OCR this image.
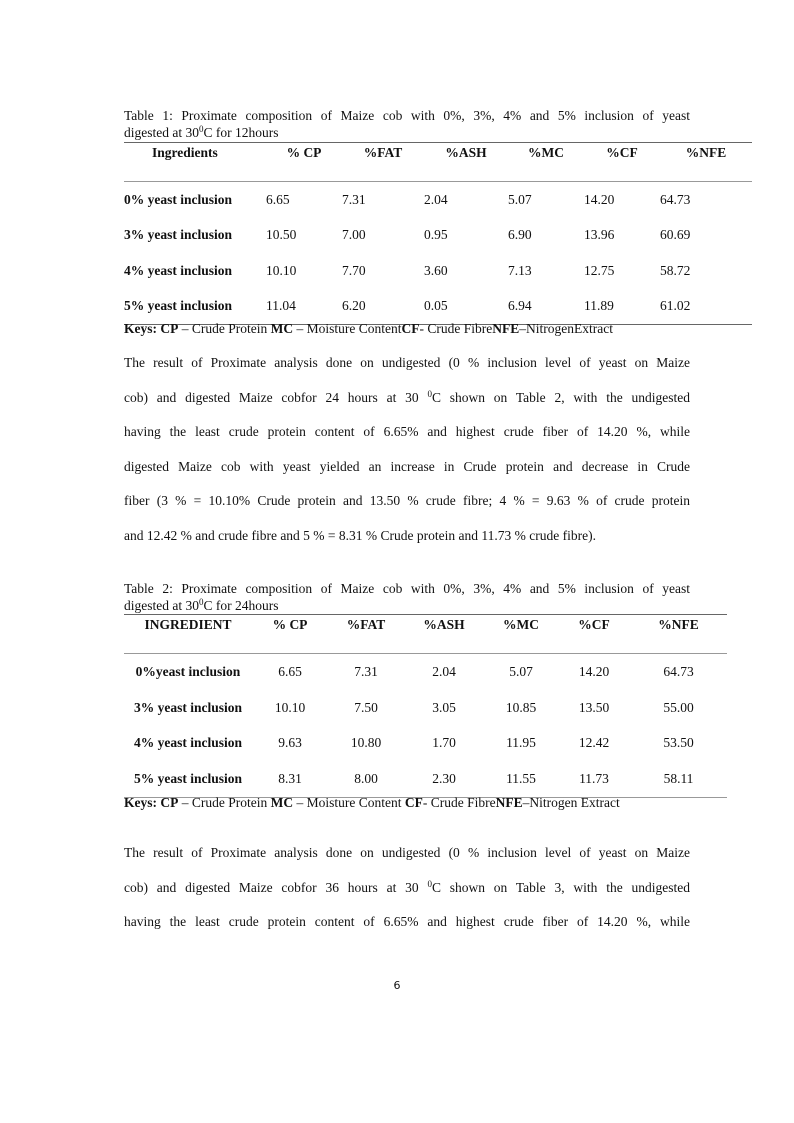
Table 1: Proximate composition of Maize cob with 0%, 3%, 4% and 5% inclusion of yeast
digested at $30^0C$ for 12hours
Ingredients	% CP	%FAT	%ASH	%MC	%CF	%NFE
0% yeast inclusion	6.65	7.31	2.04	5.07	14.20	64.73
3% yeast inclusion	10.50	7.00	0.95	6.90	13.96	60.69
4% yeast inclusion	10.10	7.70	3.60	7.13	12.75	58.72
5% yeast inclusion	11.04	6.20	0.05	6.94	11.89	61.02
Keys: CP – Crude Protein MC – Moisture ContentCF- Crude FibreNFE–NitrogenExtract

The result of Proximate analysis done on undigested (0 % inclusion level of yeast on Maize
cob) and digested Maize cobfor 24 hours at 30 $^0$C shown on Table 2, with the undigested
having the least crude protein content of 6.65% and highest crude fiber of 14.20 %, while
digested Maize cob with yeast yielded an increase in Crude protein and decrease in Crude
fiber (3 % = 10.10% Crude protein and 13.50 % crude fibre; 4 % = 9.63 % of crude protein
and 12.42 % and crude fibre and 5 % = 8.31 % Crude protein and 11.73 % crude fibre).

Table 2: Proximate composition of Maize cob with 0%, 3%, 4% and 5% inclusion of yeast
digested at $30^0C$ for 24hours
INGREDIENT	% CP	%FAT	%ASH	%MC	%CF	%NFE
0%yeast inclusion	6.65	7.31	2.04	5.07	14.20	64.73
3% yeast inclusion	10.10	7.50	3.05	10.85	13.50	55.00
4% yeast inclusion	9.63	10.80	1.70	11.95	12.42	53.50
5% yeast inclusion	8.31	8.00	2.30	11.55	11.73	58.11
Keys: CP – Crude Protein MC – Moisture Content CF- Crude FibreNFE–Nitrogen Extract

The result of Proximate analysis done on undigested (0 % inclusion level of yeast on Maize
cob) and digested Maize cobfor 36 hours at 30 $^0$C shown on Table 3, with the undigested
having the least crude protein content of 6.65% and highest crude fiber of 14.20 %, while

6
